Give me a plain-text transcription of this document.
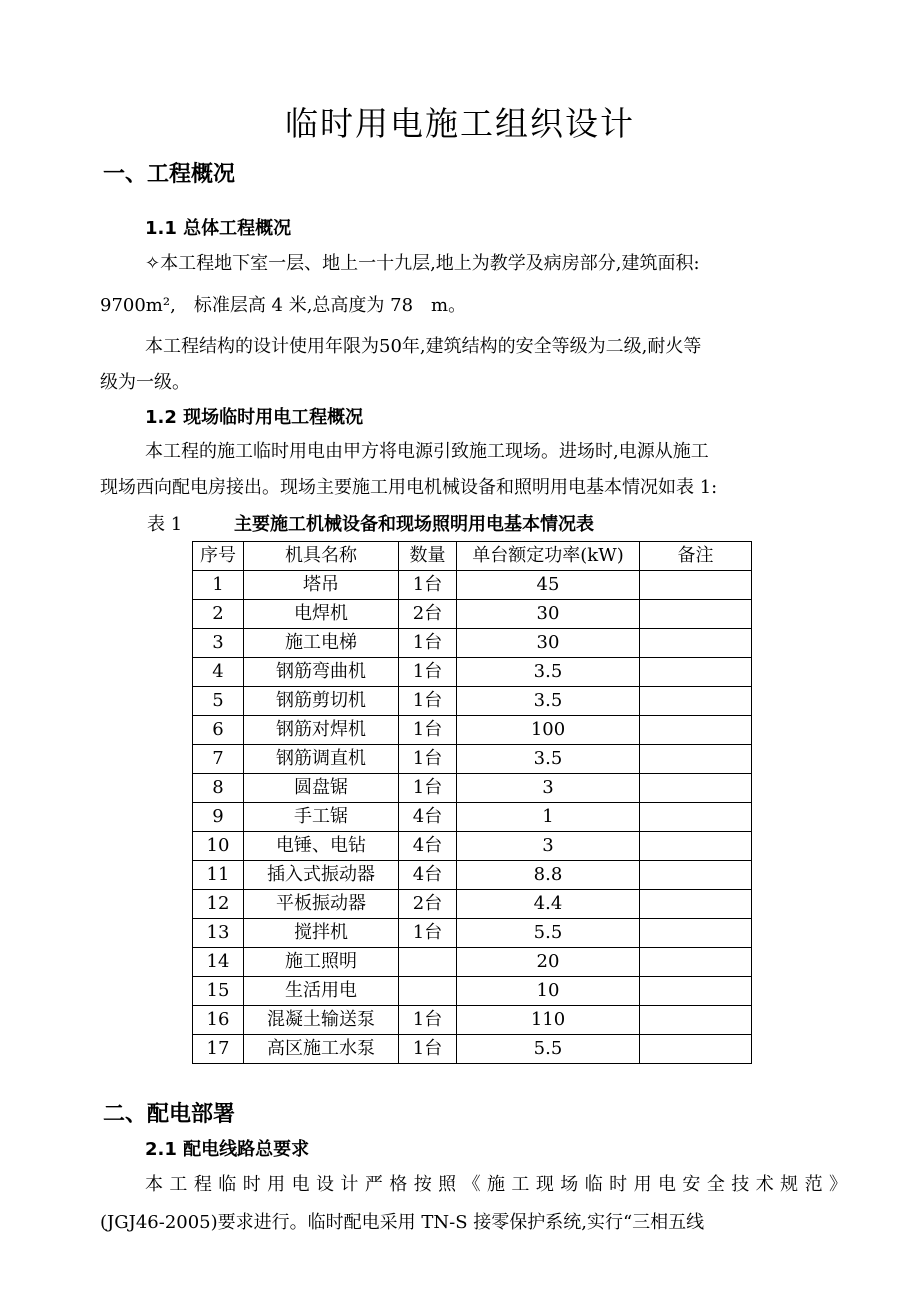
临时用电施工组织设计
一、工程概况
1.1 总体工程概况
✧本工程地下室一层、地上一十九层,地上为教学及病房部分,建筑面积:
9700m²,　标准层高 4 米,总高度为 78　m。
本工程结构的设计使用年限为50年,建筑结构的安全等级为二级,耐火等
级为一级。
1.2 现场临时用电工程概况
本工程的施工临时用电由甲方将电源引致施工现场。进场时,电源从施工
现场西向配电房接出。现场主要施工用电机械设备和照明用电基本情况如表 1:
表 1	主要施工机械设备和现场照明用电基本情况表
序号	机具名称	数量	单台额定功率(kW)	备注
1	塔吊	1台	45	
2	电焊机	2台	30	
3	施工电梯	1台	30	
4	钢筋弯曲机	1台	3.5	
5	钢筋剪切机	1台	3.5	
6	钢筋对焊机	1台	100	
7	钢筋调直机	1台	3.5	
8	圆盘锯	1台	3	
9	手工锯	4台	1	
10	电锤、电钻	4台	3	
11	插入式振动器	4台	8.8	
12	平板振动器	2台	4.4	
13	搅拌机	1台	5.5	
14	施工照明		20	
15	生活用电		10	
16	混凝土输送泵	1台	110	
17	高区施工水泵	1台	5.5	
二、配电部署
2.1 配电线路总要求
本工程临时用电设计严格按照《施工现场临时用电安全技术规范》
(JGJ46-2005)要求进行。临时配电采用 TN-S 接零保护系统,实行“三相五线
